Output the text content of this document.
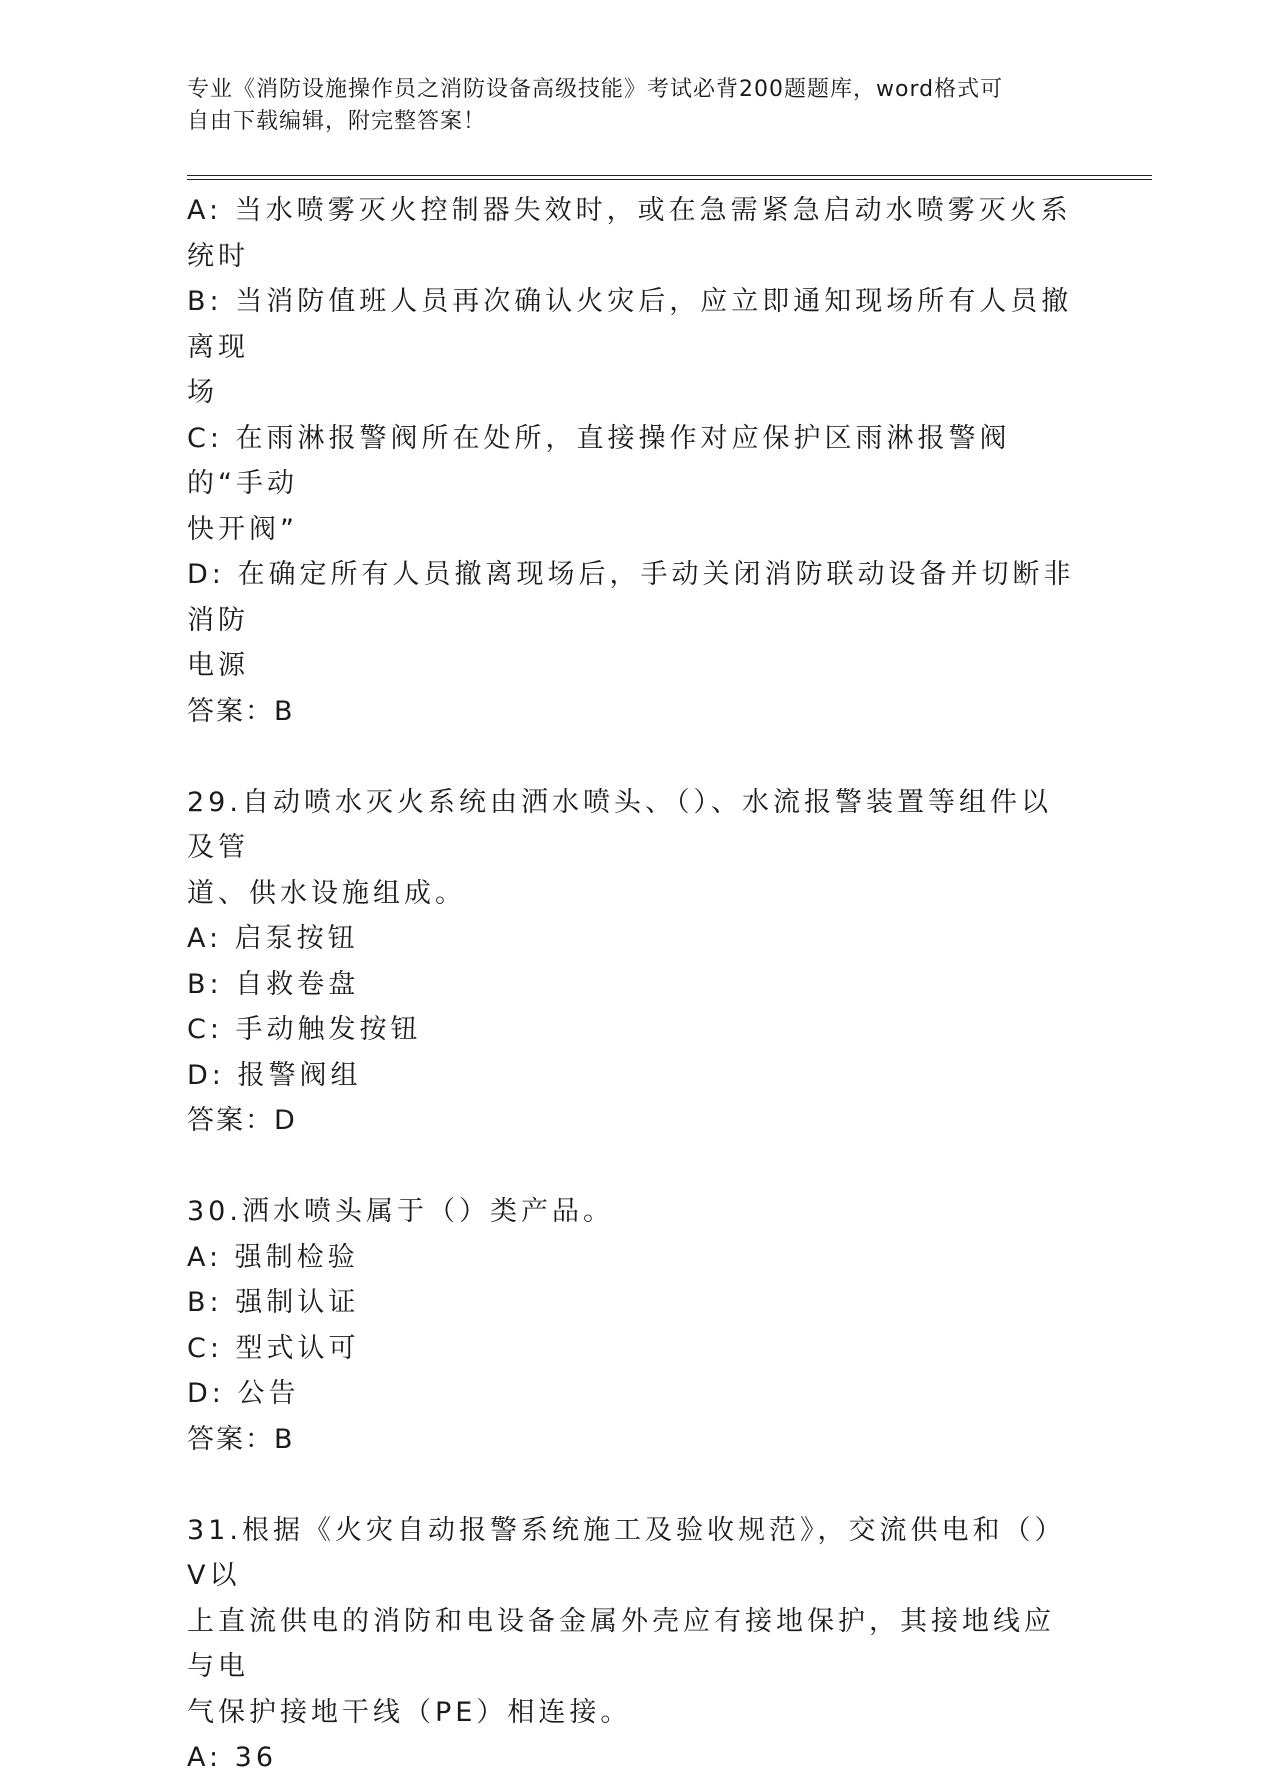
专业《消防设施操作员之消防设备高级技能》考试必背200题题库，word格式可
自由下载编辑，附完整答案！
A: 当水喷雾灭火控制器失效时，或在急需紧急启动水喷雾灭火系统时
B: 当消防值班人员再次确认火灾后，应立即通知现场所有人员撤离现
场
C: 在雨淋报警阀所在处所，直接操作对应保护区雨淋报警阀的“手动
快开阀”
D: 在确定所有人员撤离现场后，手动关闭消防联动设备并切断非消防
电源
答案：B
29.自动喷水灭火系统由洒水喷头、（）、水流报警装置等组件以及管
道、供水设施组成。
A: 启泵按钮
B: 自救卷盘
C: 手动触发按钮
D: 报警阀组
答案：D
30.洒水喷头属于（）类产品。
A: 强制检验
B: 强制认证
C: 型式认可
D: 公告
答案：B
31.根据《火灾自动报警系统施工及验收规范》，交流供电和（）V以
上直流供电的消防和电设备金属外壳应有接地保护，其接地线应与电
气保护接地干线（PE）相连接。
A: 36
